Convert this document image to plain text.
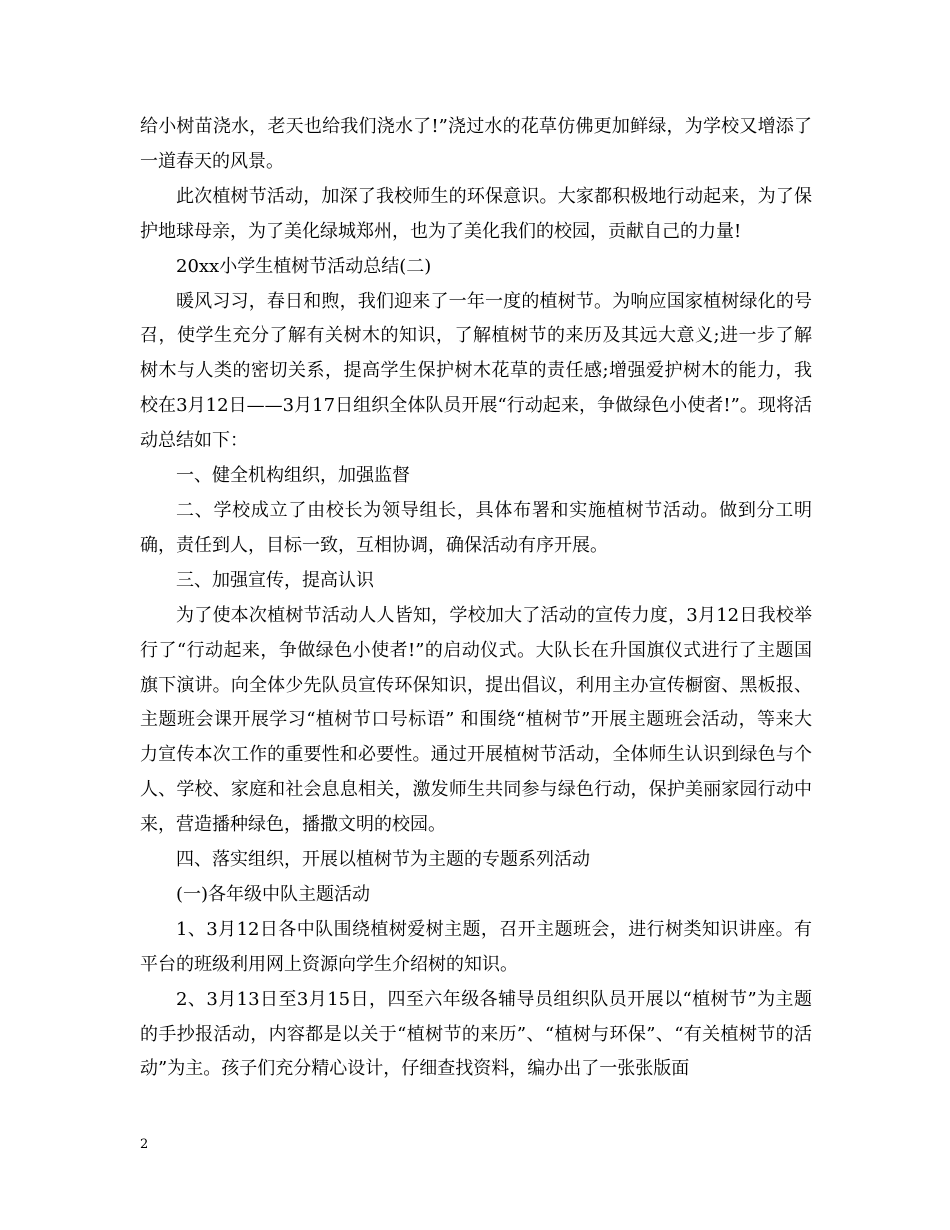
给小树苗浇水，老天也给我们浇水了!”浇过水的花草仿佛更加鲜绿，为学校又增添了一道春天的风景。

此次植树节活动，加深了我校师生的环保意识。大家都积极地行动起来，为了保护地球母亲，为了美化绿城郑州，也为了美化我们的校园，贡献自己的力量!

20xx小学生植树节活动总结(二)

暖风习习，春日和煦，我们迎来了一年一度的植树节。为响应国家植树绿化的号召，使学生充分了解有关树木的知识，了解植树节的来历及其远大意义;进一步了解树木与人类的密切关系，提高学生保护树木花草的责任感;增强爱护树木的能力，我校在3月12日——3月17日组织全体队员开展“行动起来，争做绿色小使者!”。现将活动总结如下：

一、健全机构组织，加强监督

二、学校成立了由校长为领导组长，具体布署和实施植树节活动。做到分工明确，责任到人，目标一致，互相协调，确保活动有序开展。

三、加强宣传，提高认识

为了使本次植树节活动人人皆知，学校加大了活动的宣传力度，3月12日我校举行了“行动起来，争做绿色小使者!”的启动仪式。大队长在升国旗仪式进行了主题国旗下演讲。向全体少先队员宣传环保知识，提出倡议，利用主办宣传橱窗、黑板报、主题班会课开展学习“植树节口号标语” 和围绕“植树节”开展主题班会活动，等来大力宣传本次工作的重要性和必要性。通过开展植树节活动，全体师生认识到绿色与个人、学校、家庭和社会息息相关，激发师生共同参与绿色行动，保护美丽家园行动中来，营造播种绿色，播撒文明的校园。

四、落实组织，开展以植树节为主题的专题系列活动

(一)各年级中队主题活动

1、3月12日各中队围绕植树爱树主题，召开主题班会，进行树类知识讲座。有平台的班级利用网上资源向学生介绍树的知识。

2、3月13日至3月15日，四至六年级各辅导员组织队员开展以“植树节”为主题的手抄报活动，内容都是以关于“植树节的来历”、“植树与环保”、“有关植树节的活动”为主。孩子们充分精心设计，仔细查找资料，编办出了一张张版面

2
